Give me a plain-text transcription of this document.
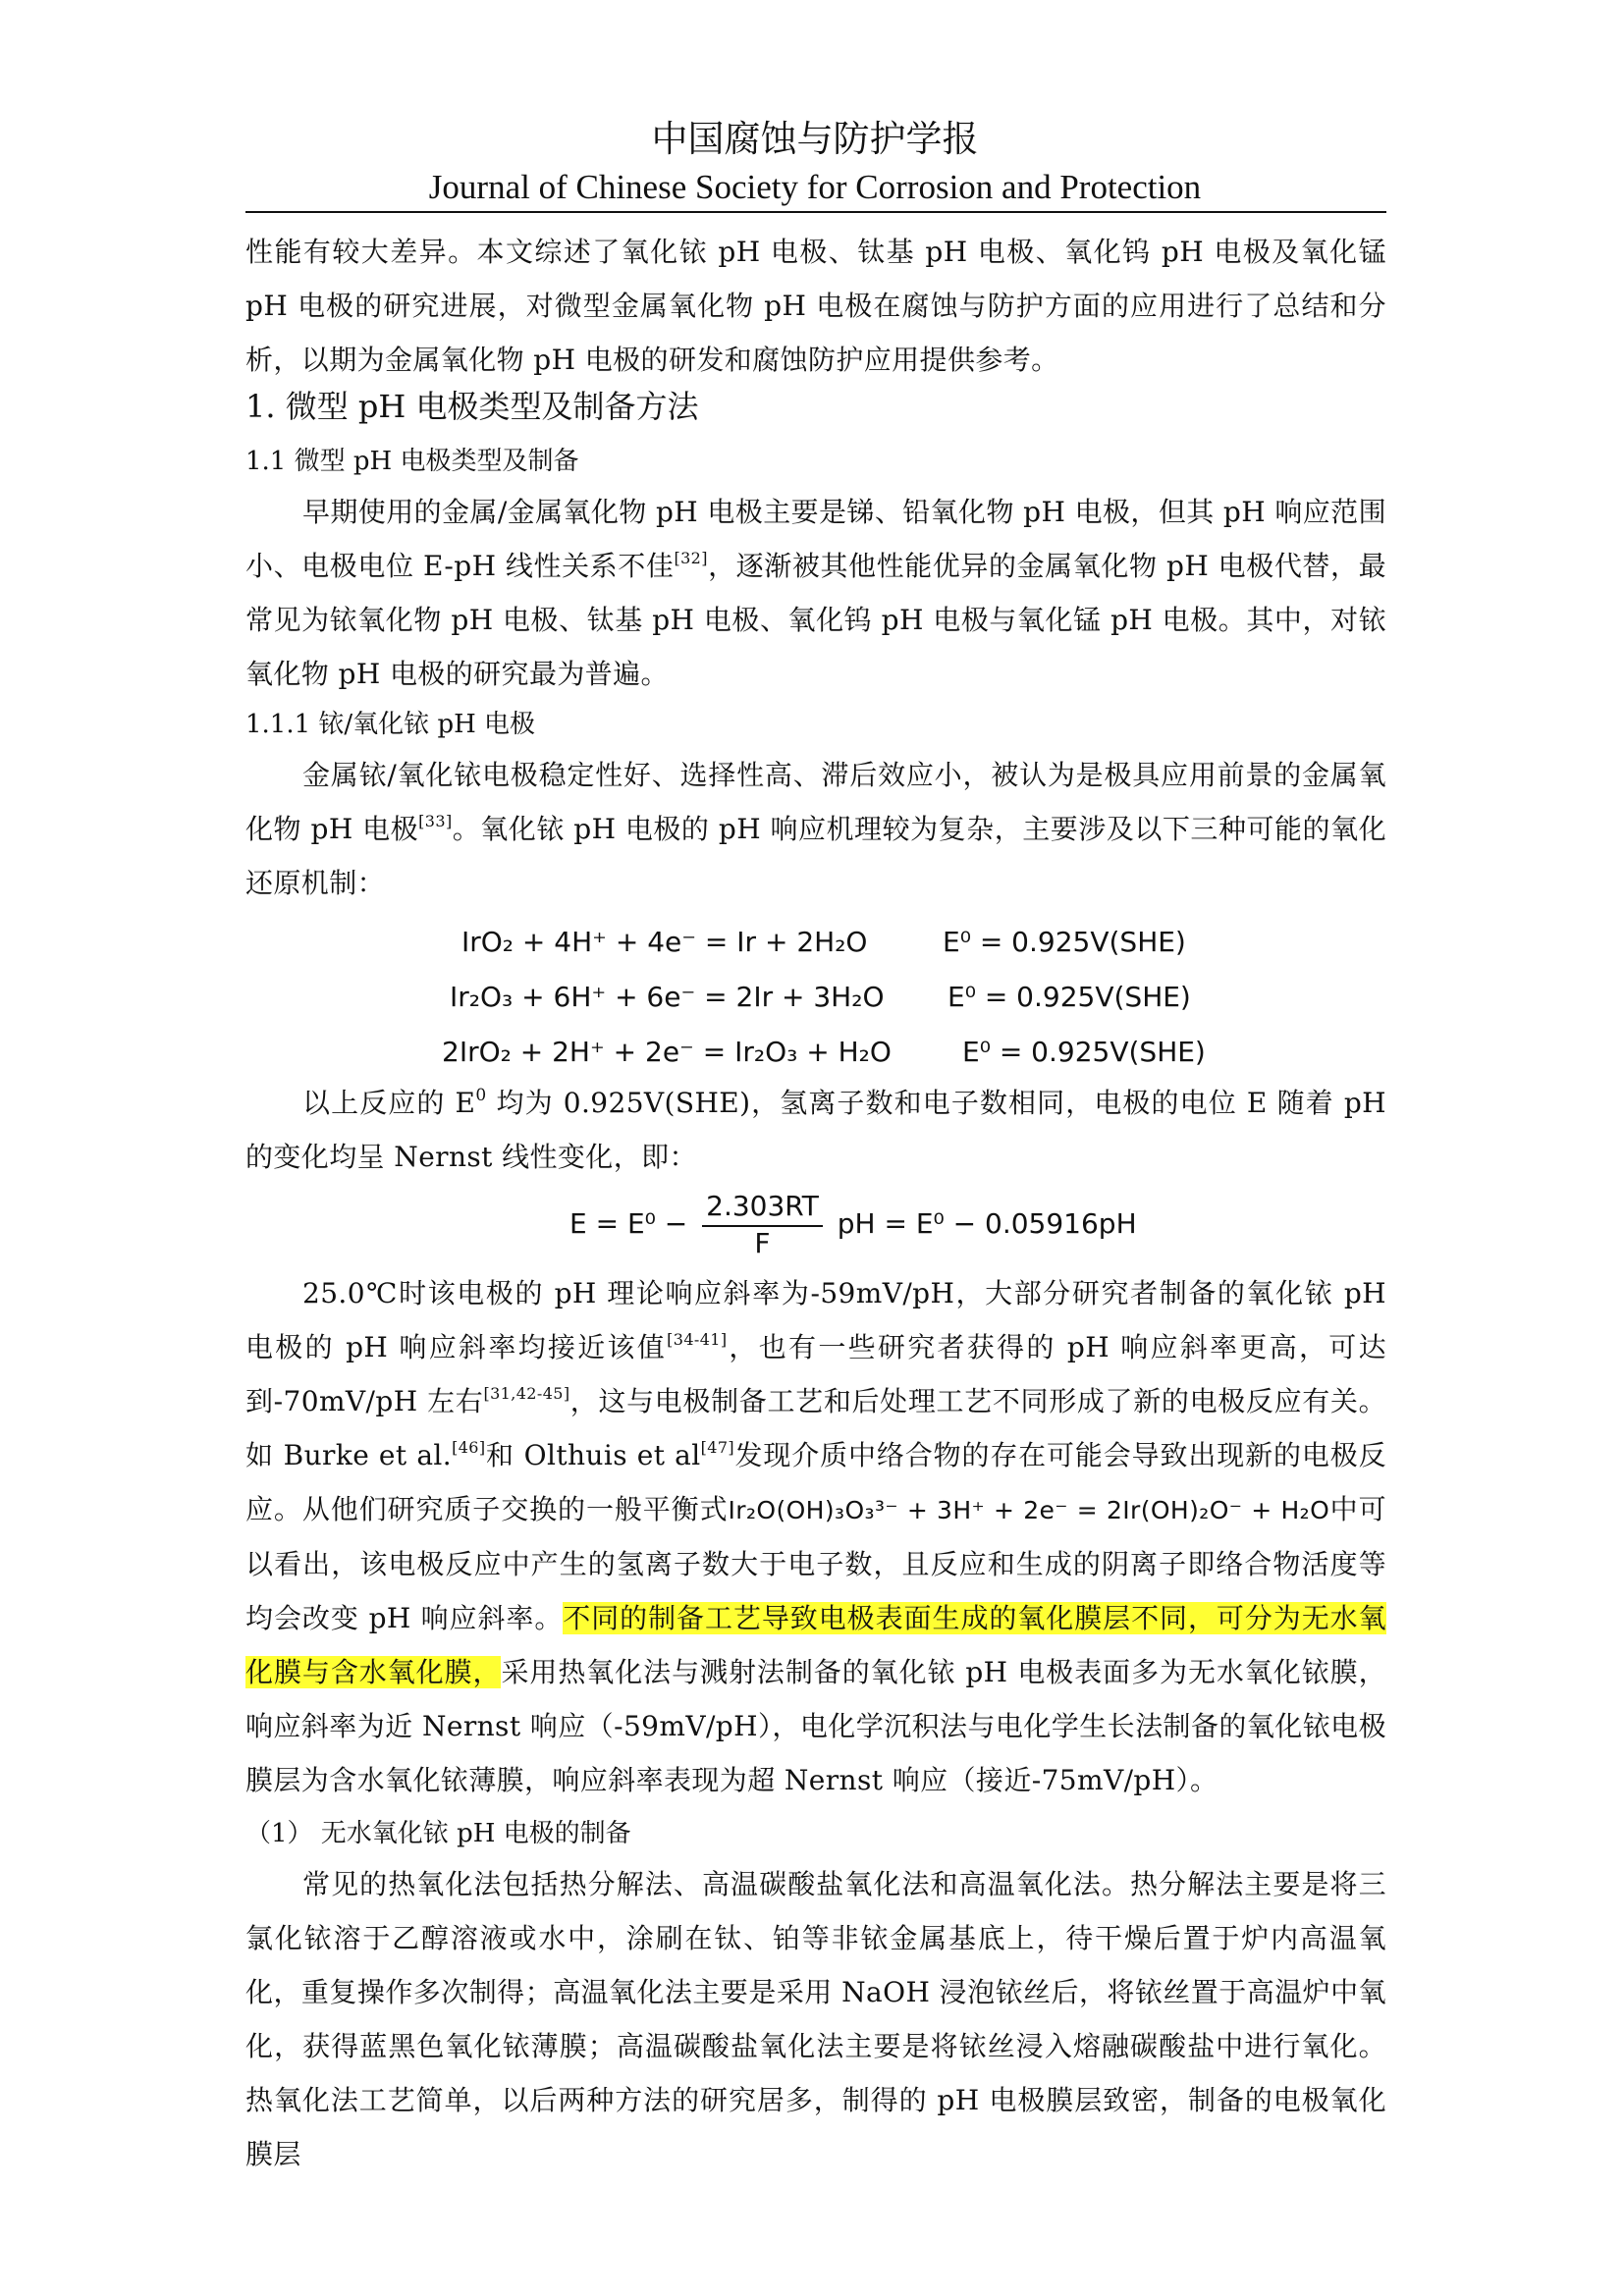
中国腐蚀与防护学报
Journal of Chinese Society for Corrosion and Protection
性能有较大差异。本文综述了氧化铱 pH 电极、钛基 pH 电极、氧化钨 pH 电极及氧化锰 pH 电极的研究进展，对微型金属氧化物 pH 电极在腐蚀与防护方面的应用进行了总结和分析，以期为金属氧化物 pH 电极的研发和腐蚀防护应用提供参考。
1. 微型 pH 电极类型及制备方法
1.1 微型 pH 电极类型及制备
早期使用的金属/金属氧化物 pH 电极主要是锑、铅氧化物 pH 电极，但其 pH 响应范围小、电极电位 E-pH 线性关系不佳[32]，逐渐被其他性能优异的金属氧化物 pH 电极代替，最常见为铱氧化物 pH 电极、钛基 pH 电极、氧化钨 pH 电极与氧化锰 pH 电极。其中，对铱氧化物 pH 电极的研究最为普遍。
1.1.1 铱/氧化铱 pH 电极
金属铱/氧化铱电极稳定性好、选择性高、滞后效应小，被认为是极具应用前景的金属氧化物 pH 电极[33]。氧化铱 pH 电极的 pH 响应机理较为复杂，主要涉及以下三种可能的氧化还原机制：
IrO₂ + 4H⁺ + 4e⁻ = Ir + 2H₂O	E⁰ = 0.925V(SHE)
Ir₂O₃ + 6H⁺ + 6e⁻ = 2Ir + 3H₂O E⁰ = 0.925V(SHE)
2IrO₂ + 2H⁺ + 2e⁻ = Ir₂O₃ + H₂O	E⁰ = 0.925V(SHE)
以上反应的 $E^0$ 均为 0.925V(SHE)，氢离子数和电子数相同，电极的电位 E 随着 pH 的变化均呈 Nernst 线性变化，即：
$E = E^0 - \frac{2.303RT}{F}$ pH = E⁰ − 0.05916pH
25.0℃时该电极的 pH 理论响应斜率为-59mV/pH，大部分研究者制备的氧化铱 pH 电极的 pH 响应斜率均接近该值[34-41]，也有一些研究者获得的 pH 响应斜率更高，可达到-70mV/pH 左右[31,42-45]，这与电极制备工艺和后处理工艺不同形成了新的电极反应有关。如 Burke et al.[46]和 Olthuis et al[47]发现介质中络合物的存在可能会导致出现新的电极反应。从他们研究质子交换的一般平衡式Ir₂O(OH)₃O₃³⁻ + 3H⁺ + 2e⁻ = 2Ir(OH)₂O⁻ + H₂O中可以看出，该电极反应中产生的氢离子数大于电子数，且反应和生成的阴离子即络合物活度等均会改变 pH 响应斜率。不同的制备工艺导致电极表面生成的氧化膜层不同，可分为无水氧化膜与含水氧化膜，采用热氧化法与溅射法制备的氧化铱 pH 电极表面多为无水氧化铱膜，响应斜率为近 Nernst 响应（-59mV/pH），电化学沉积法与电化学生长法制备的氧化铱电极膜层为含水氧化铱薄膜，响应斜率表现为超 Nernst 响应（接近-75mV/pH）。
（1） 无水氧化铱 pH 电极的制备
常见的热氧化法包括热分解法、高温碳酸盐氧化法和高温氧化法。热分解法主要是将三氯化铱溶于乙醇溶液或水中，涂刷在钛、铂等非铱金属基底上，待干燥后置于炉内高温氧化，重复操作多次制得；高温氧化法主要是采用 NaOH 浸泡铱丝后，将铱丝置于高温炉中氧化，获得蓝黑色氧化铱薄膜；高温碳酸盐氧化法主要是将铱丝浸入熔融碳酸盐中进行氧化。热氧化法工艺简单，以后两种方法的研究居多，制得的 pH 电极膜层致密，制备的电极氧化膜层
